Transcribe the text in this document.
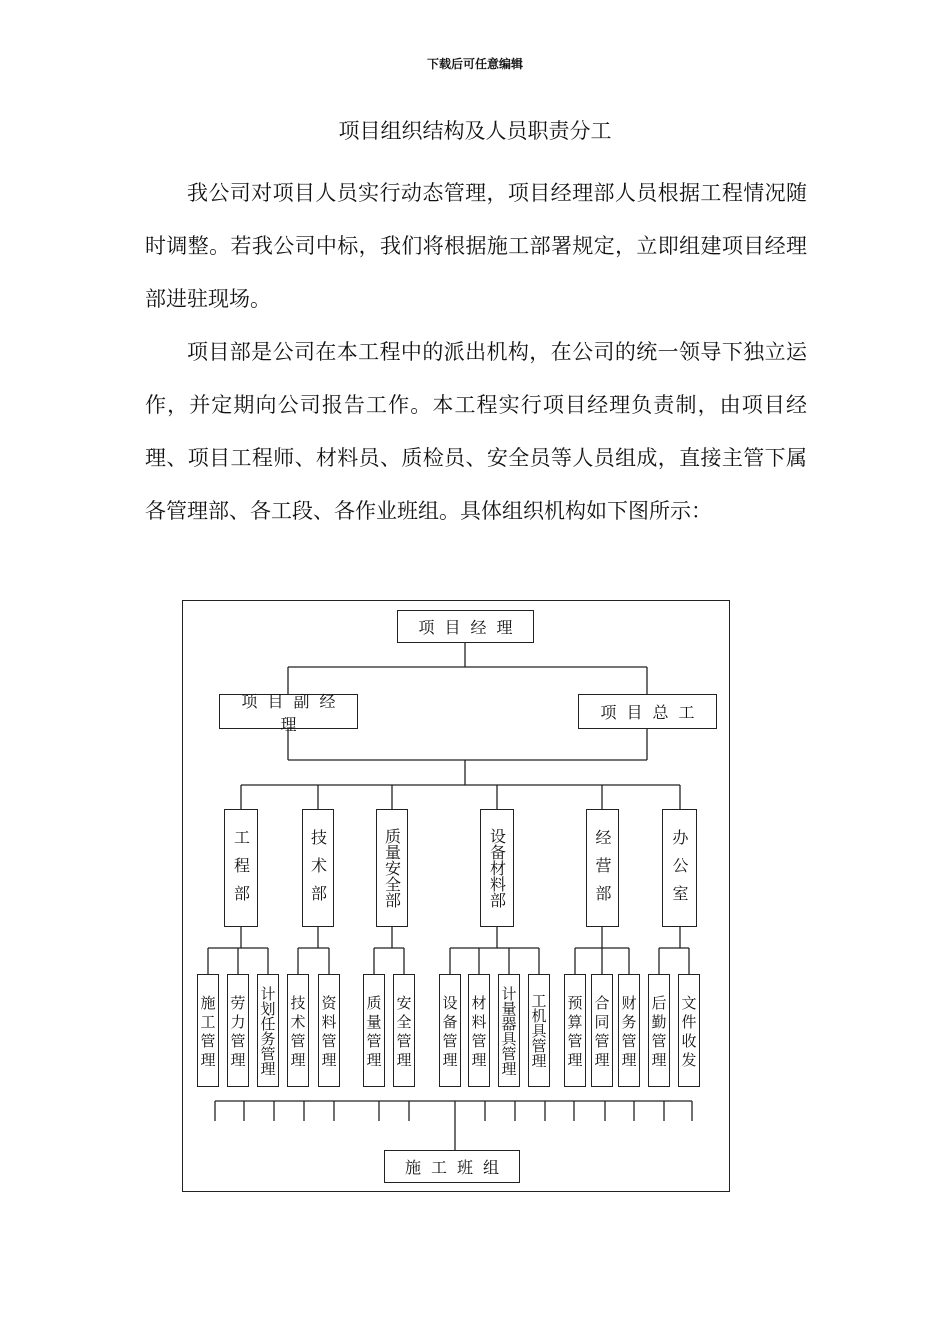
下载后可任意编辑
项目组织结构及人员职责分工

我公司对项目人员实行动态管理，项目经理部人员根据工程情况随时调整。若我公司中标，我们将根据施工部署规定，立即组建项目经理部进驻现场。

项目部是公司在本工程中的派出机构，在公司的统一领导下独立运作，并定期向公司报告工作。本工程实行项目经理负责制，由项目经理、项目工程师、材料员、质检员、安全员等人员组成，直接主管下属各管理部、各工段、各作业班组。具体组织机构如下图所示：

项目经理
项目副经理
项目总工
工程部	技术部	质量安全部	设备材料部	经营部	办公室
施工管理 劳力管理 计划任务管理 技术管理 资料管理 质量管理 安全管理 设备管理 材料管理 计量器具管理 工机具管理 预算管理 合同管理 财务管理 后勤管理 文件收发
施工班组
